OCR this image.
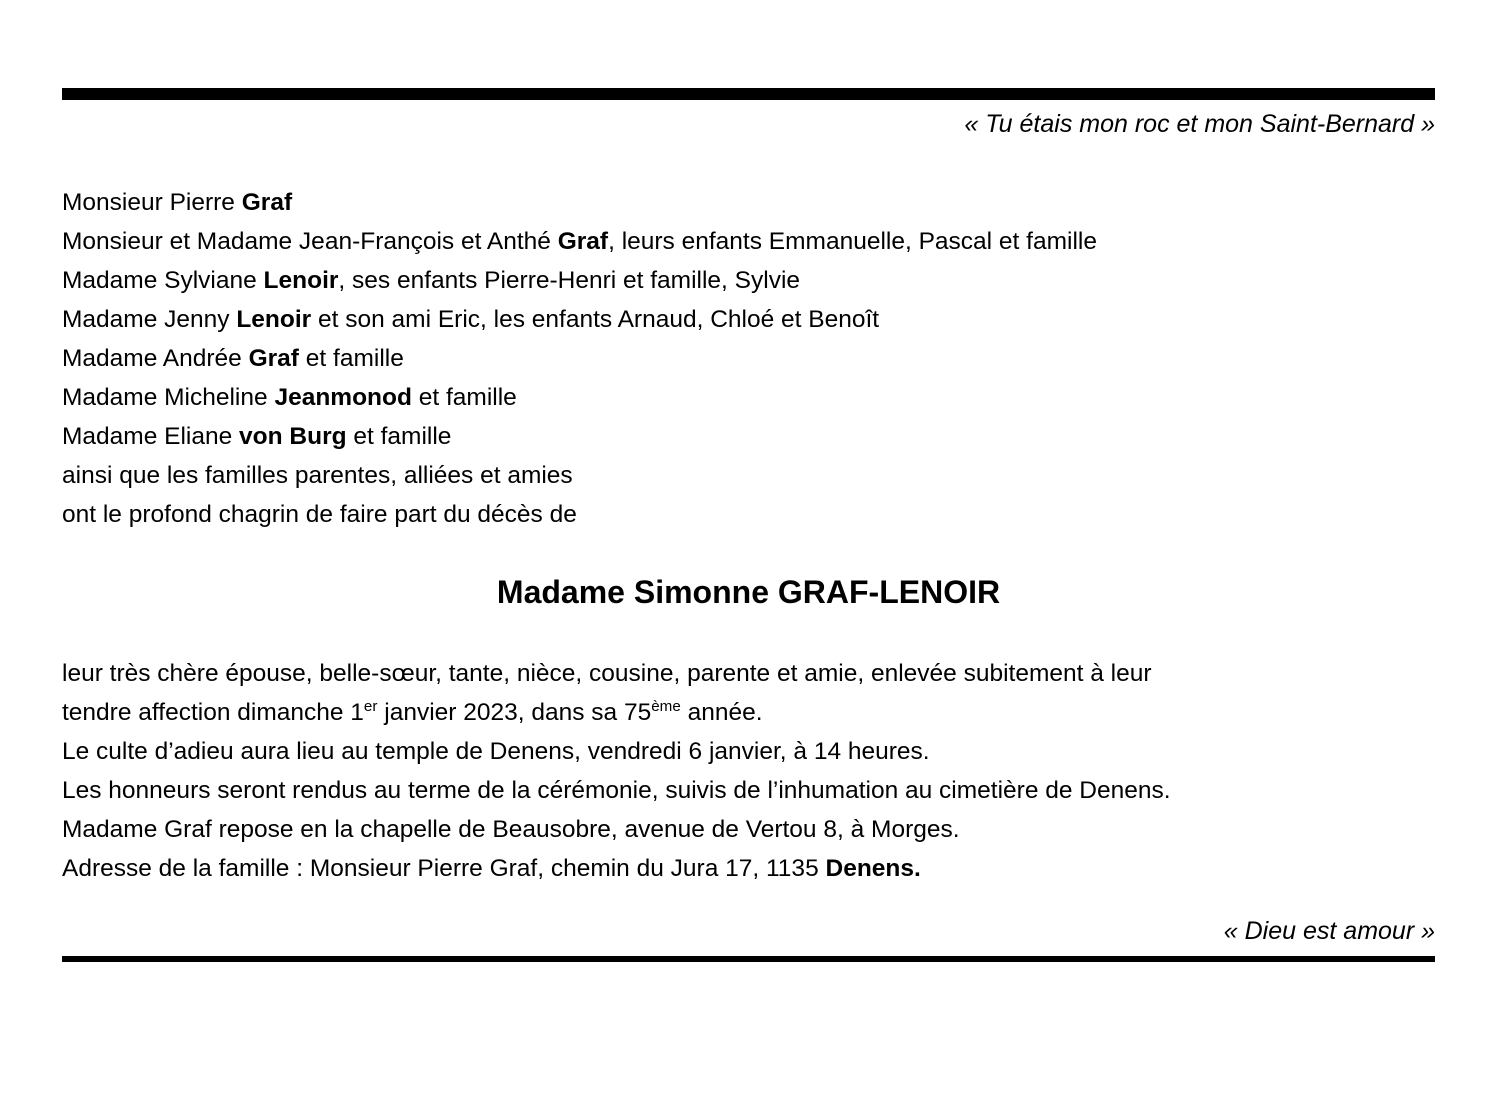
« Tu étais mon roc et mon Saint-Bernard »
Monsieur Pierre Graf
Monsieur et Madame Jean-François et Anthé Graf, leurs enfants Emmanuelle, Pascal et famille
Madame Sylviane Lenoir, ses enfants Pierre-Henri et famille, Sylvie
Madame Jenny Lenoir et son ami Eric, les enfants Arnaud, Chloé et Benoît
Madame Andrée Graf et famille
Madame Micheline Jeanmonod et famille
Madame Eliane von Burg et famille
ainsi que les familles parentes, alliées et amies
ont le profond chagrin de faire part du décès de
Madame Simonne GRAF-LENOIR
leur très chère épouse, belle-sœur, tante, nièce, cousine, parente et amie, enlevée subitement à leur
tendre affection dimanche 1er janvier 2023, dans sa 75ème année.
Le culte d’adieu aura lieu au temple de Denens, vendredi 6 janvier, à 14 heures.
Les honneurs seront rendus au terme de la cérémonie, suivis de l’inhumation au cimetière de Denens.
Madame Graf repose en la chapelle de Beausobre, avenue de Vertou 8, à Morges.
Adresse de la famille : Monsieur Pierre Graf, chemin du Jura 17, 1135 Denens.
« Dieu est amour »
